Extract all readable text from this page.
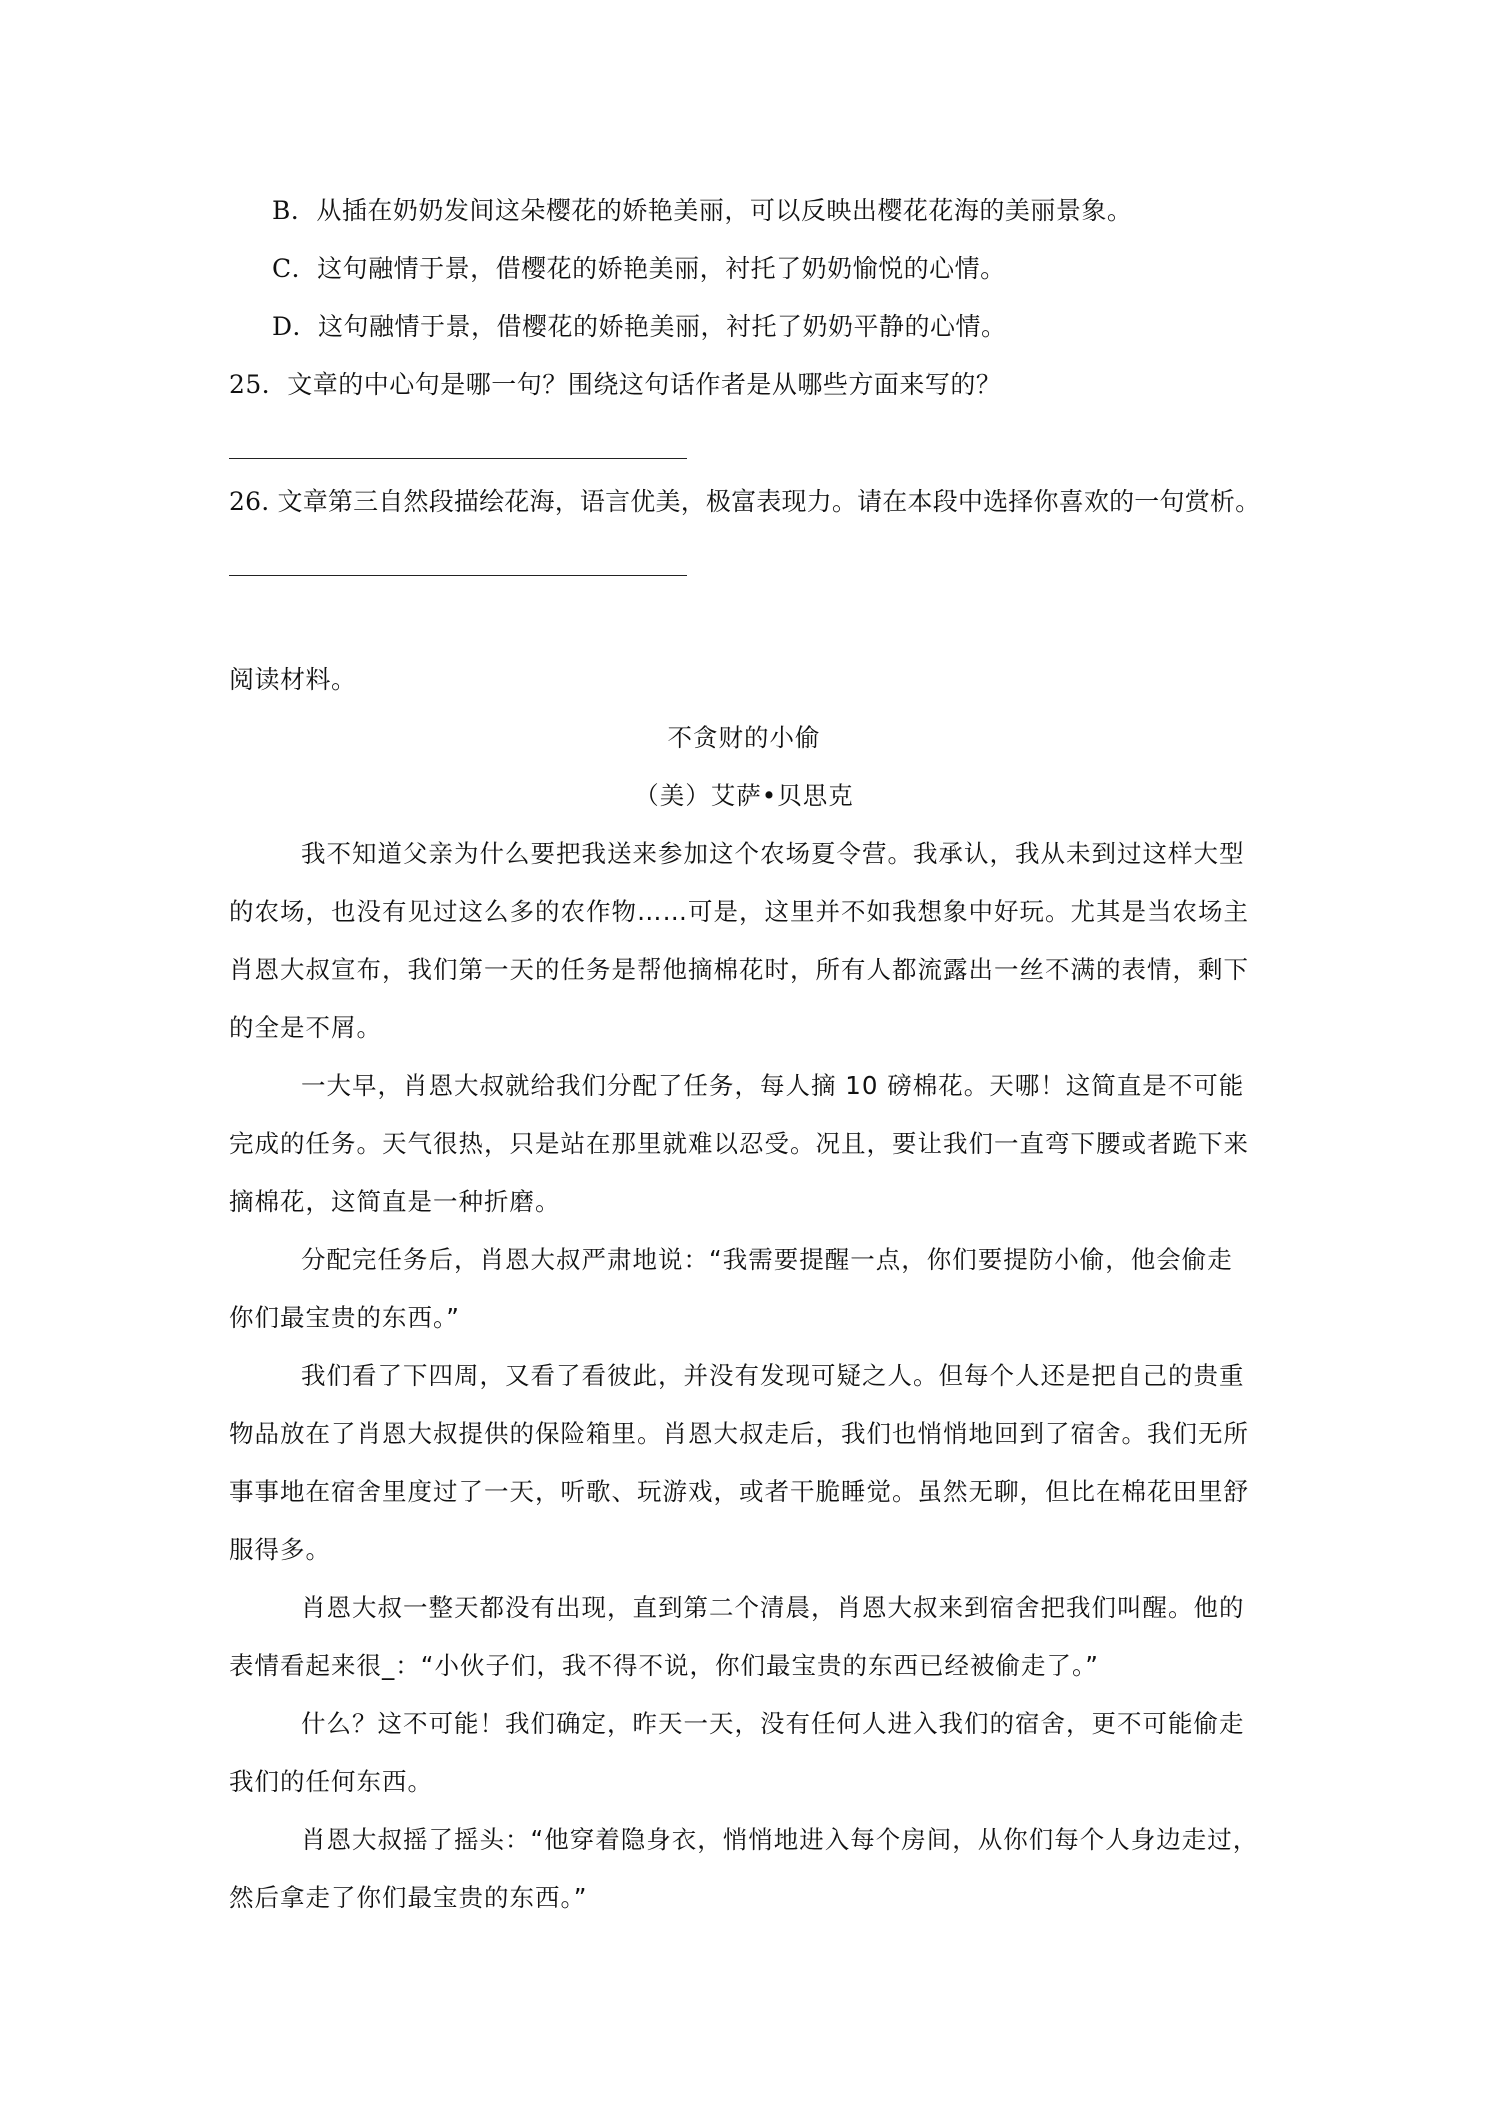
B．从插在奶奶发间这朵樱花的娇艳美丽，可以反映出樱花花海的美丽景象。
C．这句融情于景，借樱花的娇艳美丽，衬托了奶奶愉悦的心情。
D．这句融情于景，借樱花的娇艳美丽，衬托了奶奶平静的心情。
25．文章的中心句是哪一句？围绕这句话作者是从哪些方面来写的？
26. 文章第三自然段描绘花海，语言优美，极富表现力。请在本段中选择你喜欢的一句赏析。
阅读材料。
不贪财的小偷
（美）艾萨•贝思克
我不知道父亲为什么要把我送来参加这个农场夏令营。我承认，我从未到过这样大型
的农场，也没有见过这么多的农作物……可是，这里并不如我想象中好玩。尤其是当农场主
肖恩大叔宣布，我们第一天的任务是帮他摘棉花时，所有人都流露出一丝不满的表情，剩下
的全是不屑。
一大早，肖恩大叔就给我们分配了任务，每人摘 10 磅棉花。天哪！这简直是不可能
完成的任务。天气很热，只是站在那里就难以忍受。况且，要让我们一直弯下腰或者跪下来
摘棉花，这简直是一种折磨。
分配完任务后，肖恩大叔严肃地说：“我需要提醒一点，你们要提防小偷，他会偷走
你们最宝贵的东西。”
我们看了下四周，又看了看彼此，并没有发现可疑之人。但每个人还是把自己的贵重
物品放在了肖恩大叔提供的保险箱里。肖恩大叔走后，我们也悄悄地回到了宿舍。我们无所
事事地在宿舍里度过了一天，听歌、玩游戏，或者干脆睡觉。虽然无聊，但比在棉花田里舒
服得多。
肖恩大叔一整天都没有出现，直到第二个清晨，肖恩大叔来到宿舍把我们叫醒。他的
表情看起来很_：“小伙子们，我不得不说，你们最宝贵的东西已经被偷走了。”
什么？这不可能！我们确定，昨天一天，没有任何人进入我们的宿舍，更不可能偷走
我们的任何东西。
肖恩大叔摇了摇头：“他穿着隐身衣，悄悄地进入每个房间，从你们每个人身边走过，
然后拿走了你们最宝贵的东西。”
